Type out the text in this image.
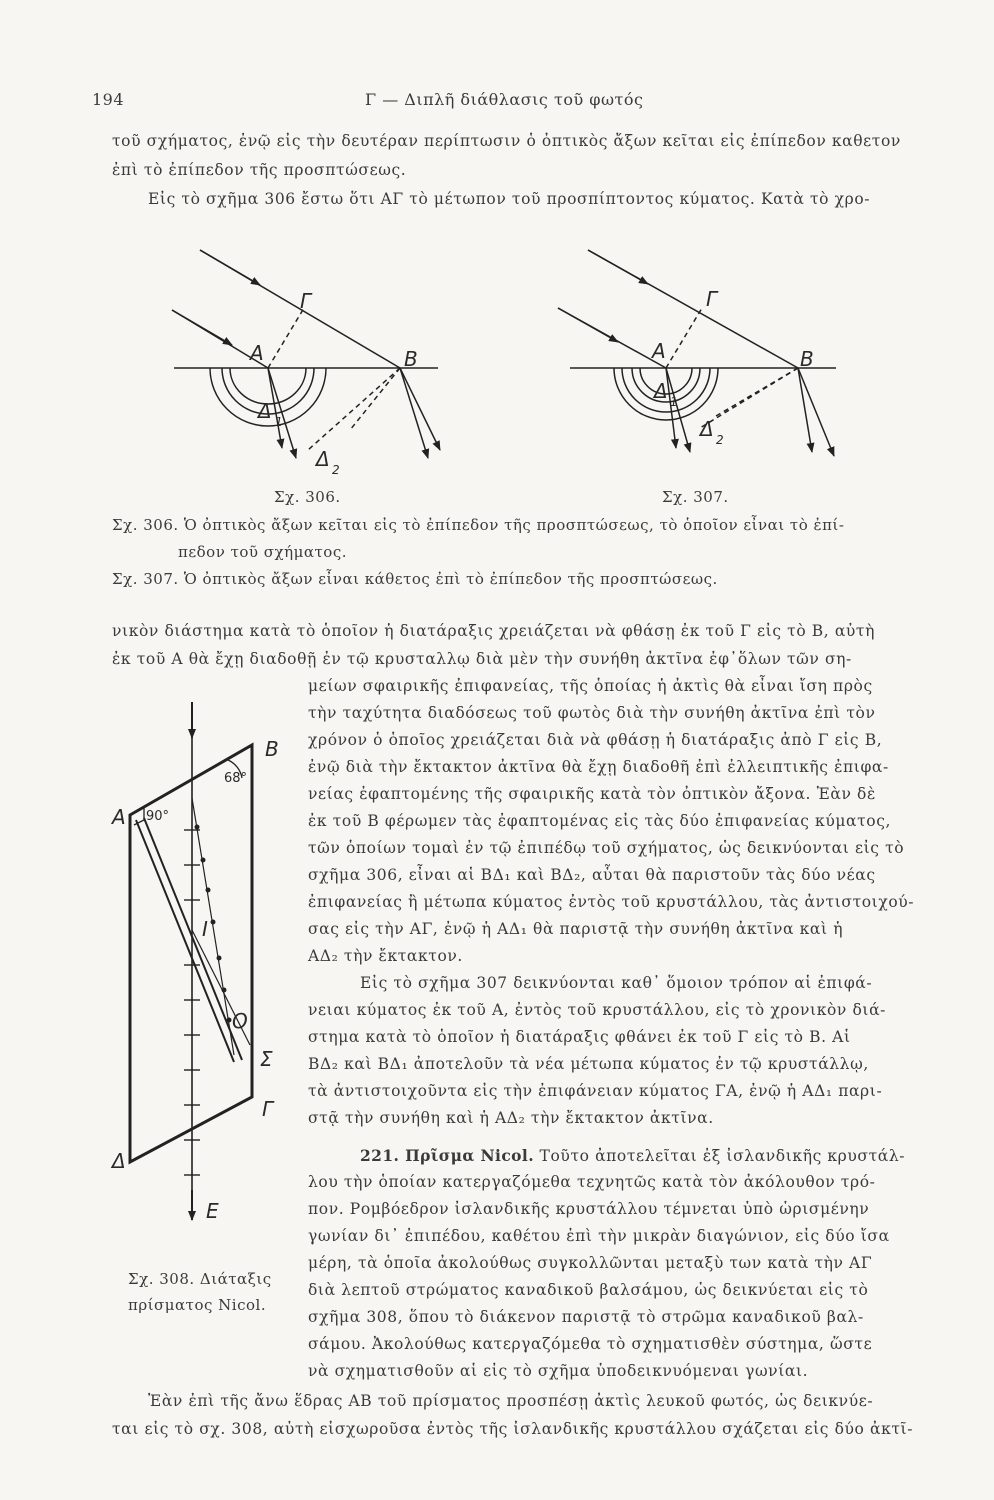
194	Γ — Διπλῆ διάθλασις τοῦ φωτός
τοῦ σχήματος, ἐνῷ εἰς τὴν δευτέραν περίπτωσιν ὁ ὀπτικὸς ἄξων κεῖται εἰς ἐπίπεδον καθετον
ἐπὶ τὸ ἐπίπεδον τῆς προσπτώσεως.
Εἰς τὸ σχῆμα 306 ἔστω ὅτι ΑΓ τὸ μέτωπον τοῦ προσπίπτοντος κύματος. Κατὰ τὸ χρο-
Γ
Α	Β
Δ 1
Δ 2
Γ
Α	Β
Δ 1
Δ 2
Σχ. 306.	Σχ. 307.
Σχ. 306. Ὁ ὀπτικὸς ἄξων κεῖται εἰς τὸ ἐπίπεδον τῆς προσπτώσεως, τὸ ὁποῖον εἶναι τὸ ἐπί-
πεδον τοῦ σχήματος.
Σχ. 307. Ὁ ὀπτικὸς ἄξων εἶναι κάθετος ἐπὶ τὸ ἐπίπεδον τῆς προσπτώσεως.
νικὸν διάστημα κατὰ τὸ ὁποῖον ἡ διατάραξις χρειάζεται νὰ φθάσῃ ἐκ τοῦ Γ εἰς τὸ Β, αὐτὴ
ἐκ τοῦ Α θὰ ἔχῃ διαδοθῇ ἐν τῷ κρυσταλλῳ διὰ μὲν τὴν συνήθη ἀκτῖνα ἐφ᾽ὅλων τῶν ση-
μείων σφαιρικῆς ἐπιφανείας, τῆς ὁποίας ἡ ἀκτὶς θὰ εἶναι ἴση πρὸς
τὴν ταχύτητα διαδόσεως τοῦ φωτὸς διὰ τὴν συνήθη ἀκτῖνα ἐπὶ τὸν
χρόνον ὁ ὁποῖος χρειάζεται διὰ νὰ φθάσῃ ἡ διατάραξις ἀπὸ Γ εἰς Β,
ἐνῷ διὰ τὴν ἔκτακτον ἀκτῖνα θὰ ἔχῃ διαδοθῆ ἐπὶ ἐλλειπτικῆς ἐπιφα-
νείας ἐφαπτομένης τῆς σφαιρικῆς κατὰ τὸν ὀπτικὸν ἄξονα. Ἐὰν δὲ
ἐκ τοῦ Β φέρωμεν τὰς ἐφαπτομένας εἰς τὰς δύο ἐπιφανείας κύματος,
τῶν ὁποίων τομαὶ ἐν τῷ ἐπιπέδῳ τοῦ σχήματος, ὡς δεικνύονται εἰς τὸ
σχῆμα 306, εἶναι αἱ ΒΔ₁ καὶ ΒΔ₂, αὗται θὰ παριστοῦν τὰς δύο νέας
ἐπιφανείας ἢ μέτωπα κύματος ἐντὸς τοῦ κρυστάλλου, τὰς ἀντιστοιχού-
σας εἰς τὴν ΑΓ, ἐνῷ ἡ ΑΔ₁ θὰ παριστᾷ τὴν συνήθη ἀκτῖνα καὶ ἡ
ΑΔ₂ τὴν ἔκτακτον.
Εἰς τὸ σχῆμα 307 δεικνύονται καθ᾽ ὅμοιον τρόπον αἱ ἐπιφά-
νειαι κύματος ἐκ τοῦ Α, ἐντὸς τοῦ κρυστάλλου, εἰς τὸ χρονικὸν διά-
στημα κατὰ τὸ ὁποῖον ἡ διατάραξις φθάνει ἐκ τοῦ Γ εἰς τὸ Β. Αἱ
ΒΔ₂ καὶ ΒΔ₁ ἀποτελοῦν τὰ νέα μέτωπα κύματος ἐν τῷ κρυστάλλῳ,
τὰ ἀντιστοιχοῦντα εἰς τὴν ἐπιφάνειαν κύματος ΓΑ, ἐνῷ ἡ ΑΔ₁ παρι-
στᾷ τὴν συνήθη καὶ ἡ ΑΔ₂ τὴν ἔκτακτον ἀκτῖνα.
221. Πρῖσμα Nicol. Τοῦτο ἀποτελεῖται ἐξ ἰσλανδικῆς κρυστάλ-
λου τὴν ὁποίαν κατεργαζόμεθα τεχνητῶς κατὰ τὸν ἀκόλουθον τρό-
πον. Ρομβόεδρον ἰσλανδικῆς κρυστάλλου τέμνεται ὑπὸ ὡρισμένην
γωνίαν δι᾽ ἐπιπέδου, καθέτου ἐπὶ τὴν μικρὰν διαγώνιον, εἰς δύο ἴσα
μέρη, τὰ ὁποῖα ἀκολούθως συγκολλῶνται μεταξὺ των κατὰ τὴν ΑΓ
διὰ λεπτοῦ στρώματος καναδικοῦ βαλσάμου, ὡς δεικνύεται εἰς τὸ
σχῆμα 308, ὅπου τὸ διάκενον παριστᾷ τὸ στρῶμα καναδικοῦ βαλ-
σάμου. Ἀκολούθως κατεργαζόμεθα τὸ σχηματισθὲν σύστημα, ὥστε
νὰ σχηματισθοῦν αἱ εἰς τὸ σχῆμα ὑποδεικνυόμεναι γωνίαι.
Β
Α
Ι
Ο
Σ
Γ
Δ
Ε
68°
90°
Σχ. 308. Διάταξις
πρίσματος Nicol.
Ἐὰν ἐπὶ τῆς ἄνω ἕδρας ΑΒ τοῦ πρίσματος προσπέσῃ ἀκτὶς λευκοῦ φωτός, ὡς δεικνύε-
ται εἰς τὸ σχ. 308, αὐτὴ εἰσχωροῦσα ἐντὸς τῆς ἰσλανδικῆς κρυστάλλου σχάζεται εἰς δύο ἀκτῖ-
